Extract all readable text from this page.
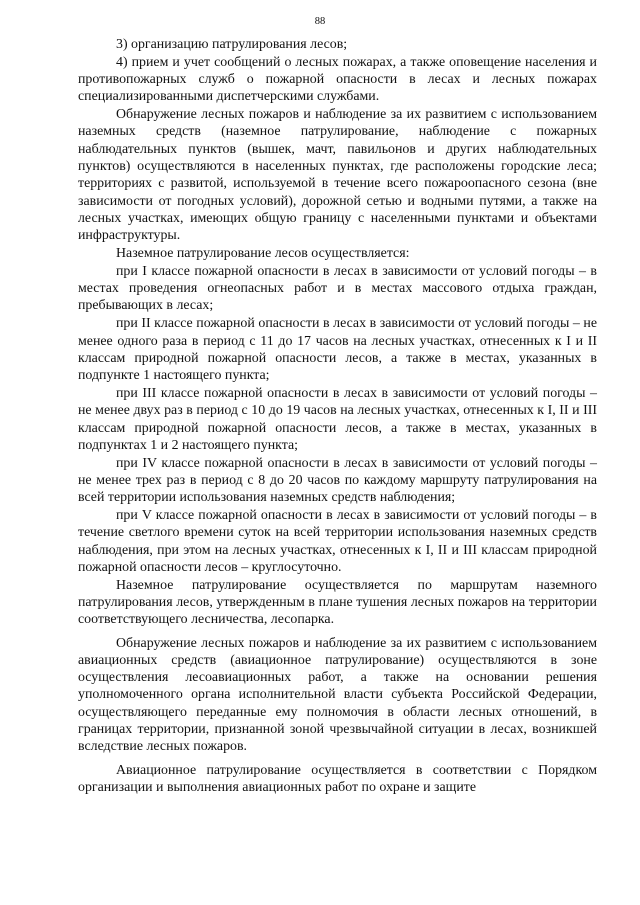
88

3) организацию патрулирования лесов;

4) прием и учет сообщений о лесных пожарах, а также оповещение населения и противопожарных служб о пожарной опасности в лесах и лесных пожарах специализированными диспетчерскими службами.

Обнаружение лесных пожаров и наблюдение за их развитием с использованием наземных средств (наземное патрулирование, наблюдение с пожарных наблюдательных пунктов (вышек, мачт, павильонов и других наблюдательных пунктов) осуществляются в населенных пунктах, где расположены городские леса; территориях с развитой, используемой в течение всего пожароопасного сезона (вне зависимости от погодных условий), дорожной сетью и водными путями, а также на лесных участках, имеющих общую границу с населенными пунктами и объектами инфраструктуры.

Наземное патрулирование лесов осуществляется:

при I классе пожарной опасности в лесах в зависимости от условий погоды – в местах проведения огнеопасных работ и в местах массового отдыха граждан, пребывающих в лесах;

при II классе пожарной опасности в лесах в зависимости от условий погоды – не менее одного раза в период с 11 до 17 часов на лесных участках, отнесенных к I и II классам природной пожарной опасности лесов, а также в местах, указанных в подпункте 1 настоящего пункта;

при III классе пожарной опасности в лесах в зависимости от условий погоды – не менее двух раз в период с 10 до 19 часов на лесных участках, отнесенных к I, II и III классам природной пожарной опасности лесов, а также в местах, указанных в подпунктах 1 и 2 настоящего пункта;

при IV классе пожарной опасности в лесах в зависимости от условий погоды – не менее трех раз в период с 8 до 20 часов по каждому маршруту патрулирования на всей территории использования наземных средств наблюдения;

при V классе пожарной опасности в лесах в зависимости от условий погоды – в течение светлого времени суток на всей территории использования наземных средств наблюдения, при этом на лесных участках, отнесенных к I, II и III классам природной пожарной опасности лесов – круглосуточно.

Наземное патрулирование осуществляется по маршрутам наземного патрулирования лесов, утвержденным в плане тушения лесных пожаров на территории соответствующего лесничества, лесопарка.

Обнаружение лесных пожаров и наблюдение за их развитием с использованием авиационных средств (авиационное патрулирование) осуществляются в зоне осуществления лесоавиационных работ, а также на основании решения уполномоченного органа исполнительной власти субъекта Российской Федерации, осуществляющего переданные ему полномочия в области лесных отношений, в границах территории, признанной зоной чрезвычайной ситуации в лесах, возникшей вследствие лесных пожаров.

Авиационное патрулирование осуществляется в соответствии с Порядком организации и выполнения авиационных работ по охране и защите
